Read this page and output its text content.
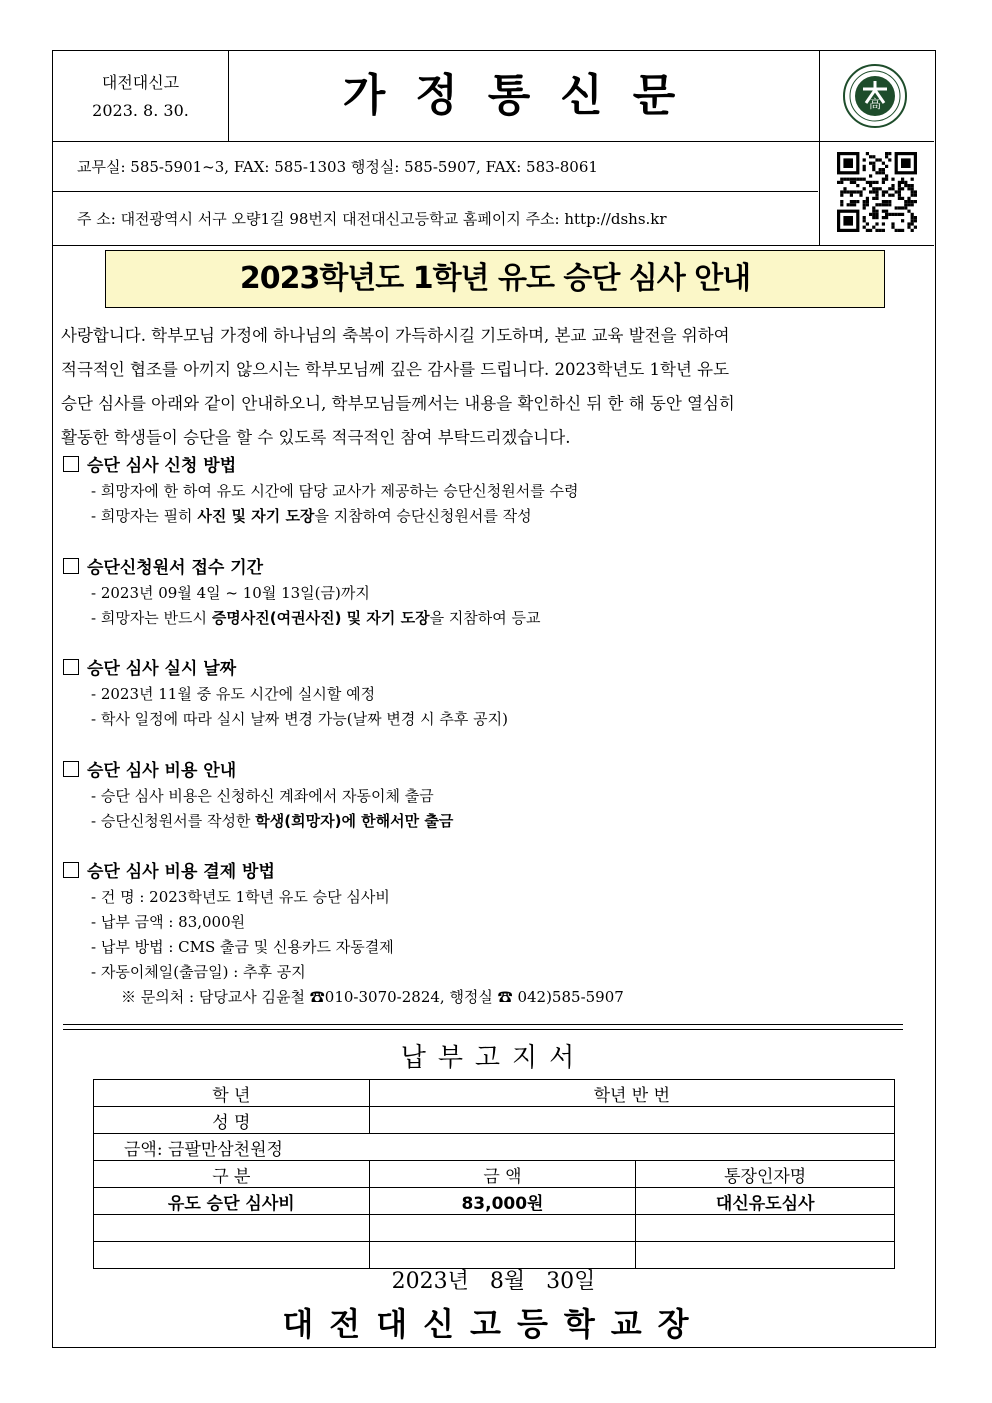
대전대신고
2023. 8. 30.	가정통신문	高
교무실: 585-5901~3, FAX: 585-1303 행정실: 585-5907, FAX: 583-8061
주 소: 대전광역시 서구 오량1길 98번지 대전대신고등학교 홈페이지 주소: http://dshs.kr
2023학년도 1학년 유도 승단 심사 안내
사랑합니다. 학부모님 가정에 하나님의 축복이 가득하시길 기도하며, 본교 교육 발전을 위하여
적극적인 협조를 아끼지 않으시는 학부모님께 깊은 감사를 드립니다. 2023학년도 1학년 유도
승단 심사를 아래와 같이 안내하오니, 학부모님들께서는 내용을 확인하신 뒤 한 해 동안 열심히
활동한 학생들이 승단을 할 수 있도록 적극적인 참여 부탁드리겠습니다.
승단 심사 신청 방법
- 희망자에 한 하여 유도 시간에 담당 교사가 제공하는 승단신청원서를 수령
- 희망자는 필히 사진 및 자기 도장을 지참하여 승단신청원서를 작성
승단신청원서 접수 기간
- 2023년 09월 4일 ~ 10월 13일(금)까지
- 희망자는 반드시 증명사진(여권사진) 및 자기 도장을 지참하여 등교
승단 심사 실시 날짜
- 2023년 11월 중 유도 시간에 실시할 예정
- 학사 일정에 따라 실시 날짜 변경 가능(날짜 변경 시 추후 공지)
승단 심사 비용 안내
- 승단 심사 비용은 신청하신 계좌에서 자동이체 출금
- 승단신청원서를 작성한 학생(희망자)에 한해서만 출금
승단 심사 비용 결제 방법
- 건 명 : 2023학년도 1학년 유도 승단 심사비
- 납부 금액 : 83,000원
- 납부 방법 : CMS 출금 및 신용카드 자동결제
- 자동이체일(출금일) : 추후 공지
※ 문의처 : 담당교사 김윤철 ☎010-3070-2824, 행정실 ☎ 042)585-5907
납부고지서
학 년	학년 반 번	
성 명		
금액: 금팔만삼천원정		
구 분	금 액	통장인자명
유도 승단 심사비	83,000원	대신유도심사

2023년 8월 30일
대전대신고등학교장
